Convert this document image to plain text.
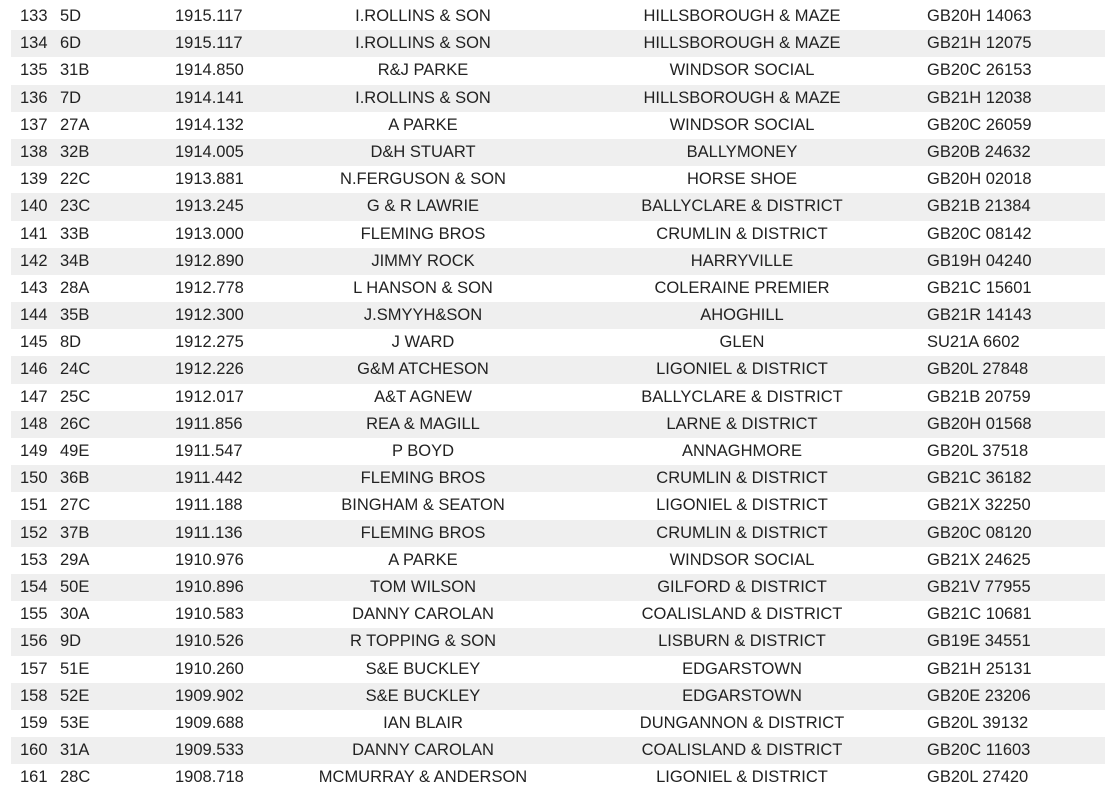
133 5D	1915.117	I.ROLLINS & SON	HILLSBOROUGH & MAZE	GB20H 14063
134 6D	1915.117	I.ROLLINS & SON	HILLSBOROUGH & MAZE	GB21H 12075
135 31B	1914.850	R&J PARKE	WINDSOR SOCIAL	GB20C 26153
136 7D	1914.141	I.ROLLINS & SON	HILLSBOROUGH & MAZE	GB21H 12038
137 27A	1914.132	A PARKE	WINDSOR SOCIAL	GB20C 26059
138 32B	1914.005	D&H STUART	BALLYMONEY	GB20B 24632
139 22C	1913.881	N.FERGUSON & SON	HORSE SHOE	GB20H 02018
140 23C	1913.245	G & R LAWRIE	BALLYCLARE & DISTRICT	GB21B 21384
141 33B	1913.000	FLEMING BROS	CRUMLIN & DISTRICT	GB20C 08142
142 34B	1912.890	JIMMY ROCK	HARRYVILLE	GB19H 04240
143 28A	1912.778	L HANSON & SON	COLERAINE PREMIER	GB21C 15601
144 35B	1912.300	J.SMYYH&SON	AHOGHILL	GB21R 14143
145 8D	1912.275	J WARD	GLEN	SU21A 6602
146 24C	1912.226	G&M ATCHESON	LIGONIEL & DISTRICT	GB20L 27848
147 25C	1912.017	A&T AGNEW	BALLYCLARE & DISTRICT	GB21B 20759
148 26C	1911.856	REA & MAGILL	LARNE & DISTRICT	GB20H 01568
149 49E	1911.547	P BOYD	ANNAGHMORE	GB20L 37518
150 36B	1911.442	FLEMING BROS	CRUMLIN & DISTRICT	GB21C 36182
151 27C	1911.188	BINGHAM & SEATON	LIGONIEL & DISTRICT	GB21X 32250
152 37B	1911.136	FLEMING BROS	CRUMLIN & DISTRICT	GB20C 08120
153 29A	1910.976	A PARKE	WINDSOR SOCIAL	GB21X 24625
154 50E	1910.896	TOM WILSON	GILFORD & DISTRICT	GB21V 77955
155 30A	1910.583	DANNY CAROLAN	COALISLAND & DISTRICT	GB21C 10681
156 9D	1910.526	R TOPPING & SON	LISBURN & DISTRICT	GB19E 34551
157 51E	1910.260	S&E BUCKLEY	EDGARSTOWN	GB21H 25131
158 52E	1909.902	S&E BUCKLEY	EDGARSTOWN	GB20E 23206
159 53E	1909.688	IAN BLAIR	DUNGANNON & DISTRICT	GB20L 39132
160 31A	1909.533	DANNY CAROLAN	COALISLAND & DISTRICT	GB20C 11603
161 28C	1908.718	MCMURRAY & ANDERSON	LIGONIEL & DISTRICT	GB20L 27420
